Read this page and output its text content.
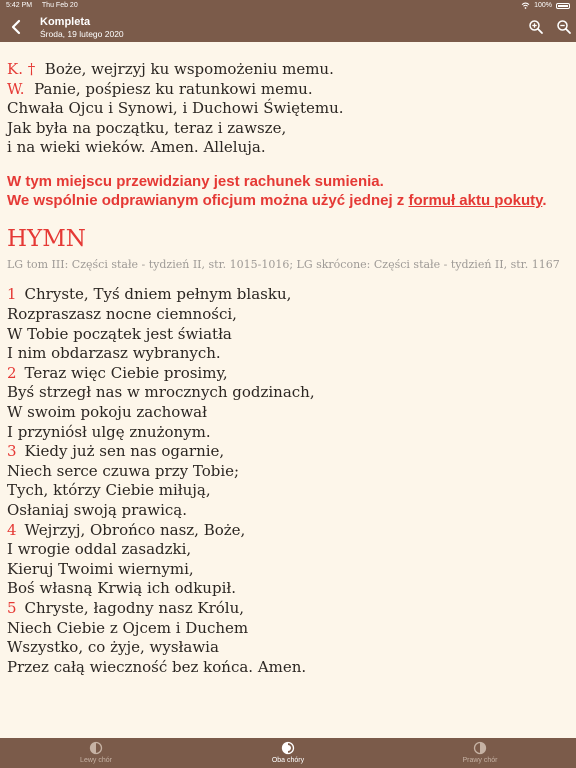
5:42 PM Thu Feb 20	100%
Kompleta
Środa, 19 lutego 2020
K. † Boże, wejrzyj ku wspomożeniu memu.
W. Panie, pośpiesz ku ratunkowi memu.
Chwała Ojcu i Synowi, i Duchowi Świętemu.
Jak była na początku, teraz i zawsze,
i na wieki wieków. Amen. Alleluja.
W tym miejscu przewidziany jest rachunek sumienia.
We wspólnie odprawianym oficjum można użyć jednej z formuł aktu pokuty.
HYMN
LG tom III: Części stałe - tydzień II, str. 1015-1016; LG skrócone: Części stałe - tydzień II, str. 1167
1 Chryste, Tyś dniem pełnym blasku,
Rozpraszasz nocne ciemności,
W Tobie początek jest światła
I nim obdarzasz wybranych.
2 Teraz więc Ciebie prosimy,
Byś strzegł nas w mrocznych godzinach,
W swoim pokoju zachował
I przyniósł ulgę znużonym.
3 Kiedy już sen nas ogarnie,
Niech serce czuwa przy Tobie;
Tych, którzy Ciebie miłują,
Osłaniaj swoją prawicą.
4 Wejrzyj, Obrońco nasz, Boże,
I wrogie oddal zasadzki,
Kieruj Twoimi wiernymi,
Boś własną Krwią ich odkupił.
5 Chryste, łagodny nasz Królu,
Niech Ciebie z Ojcem i Duchem
Wszystko, co żyje, wysławia
Przez całą wieczność bez końca. Amen.
Lewy chór	Oba chóry	Prawy chór
